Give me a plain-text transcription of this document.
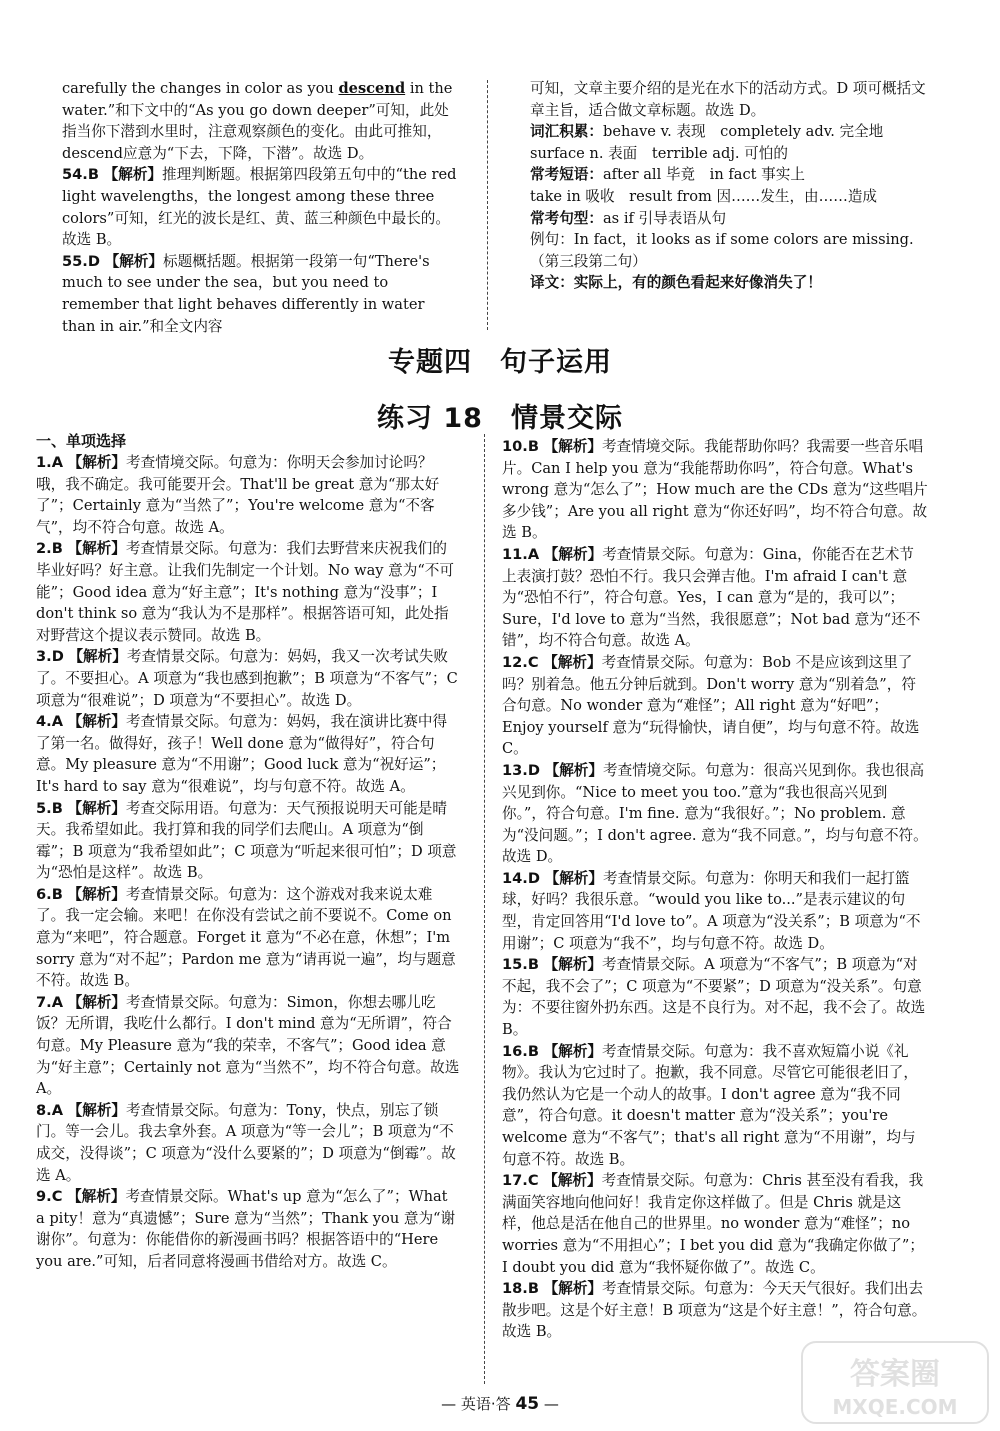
carefully the changes in color as you descend in the water.”和下文中的“As you go down deeper”可知，此处指当你下潜到水里时，注意观察颜色的变化。由此可推知，descend应意为“下去，下降，下潜”。故选 D。

54.B 【解析】推理判断题。根据第四段第五句中的“the red light wavelengths，the longest among these three colors”可知，红光的波长是红、黄、蓝三种颜色中最长的。故选 B。

55.D 【解析】标题概括题。根据第一段第一句“There's much to see under the sea，but you need to remember that light behaves differently in water than in air.”和全文内容

可知，文章主要介绍的是光在水下的活动方式。D 项可概括文章主旨，适合做文章标题。故选 D。

词汇积累：behave v. 表现　completely adv. 完全地

surface n. 表面　terrible adj. 可怕的

常考短语：after all 毕竟　in fact 事实上

take in 吸收　result from 因……发生，由……造成

常考句型：as if 引导表语从句

例句：In fact，it looks as if some colors are missing.（第三段第二句）

译文：实际上，有的颜色看起来好像消失了！

专题四　句子运用
练习 18　情景交际
一、单项选择

1.A 【解析】考查情境交际。句意为：你明天会参加讨论吗？哦，我不确定。我可能要开会。That'll be great 意为“那太好了”；Certainly 意为“当然了”；You're welcome 意为“不客气”，均不符合句意。故选 A。

2.B 【解析】考查情景交际。句意为：我们去野营来庆祝我们的毕业好吗？好主意。让我们先制定一个计划。No way 意为“不可能”；Good idea 意为“好主意”；It's nothing 意为“没事”；I don't think so 意为“我认为不是那样”。根据答语可知，此处指对野营这个提议表示赞同。故选 B。

3.D 【解析】考查情景交际。句意为：妈妈，我又一次考试失败了。不要担心。A 项意为“我也感到抱歉”；B 项意为“不客气”；C 项意为“很难说”；D 项意为“不要担心”。故选 D。

4.A 【解析】考查情景交际。句意为：妈妈，我在演讲比赛中得了第一名。做得好，孩子！Well done 意为“做得好”，符合句意。My pleasure 意为“不用谢”；Good luck 意为“祝好运”；It's hard to say 意为“很难说”，均与句意不符。故选 A。

5.B 【解析】考查交际用语。句意为：天气预报说明天可能是晴天。我希望如此。我打算和我的同学们去爬山。A 项意为“倒霉”；B 项意为“我希望如此”；C 项意为“听起来很可怕”；D 项意为“恐怕是这样”。故选 B。

6.B 【解析】考查情景交际。句意为：这个游戏对我来说太难了。我一定会输。来吧！在你没有尝试之前不要说不。Come on 意为“来吧”，符合题意。Forget it 意为“不必在意，休想”；I'm sorry 意为“对不起”；Pardon me 意为“请再说一遍”，均与题意不符。故选 B。

7.A 【解析】考查情景交际。句意为：Simon，你想去哪儿吃饭？无所谓，我吃什么都行。I don't mind 意为“无所谓”，符合句意。My Pleasure 意为“我的荣幸，不客气”；Good idea 意为“好主意”；Certainly not 意为“当然不”，均不符合句意。故选 A。

8.A 【解析】考查情景交际。句意为：Tony，快点，别忘了锁门。等一会儿。我去拿外套。A 项意为“等一会儿”；B 项意为“不成交，没得谈”；C 项意为“没什么要紧的”；D 项意为“倒霉”。故选 A。

9.C 【解析】考查情景交际。What's up 意为“怎么了”；What a pity！意为“真遗憾”；Sure 意为“当然”；Thank you 意为“谢谢你”。句意为：你能借你的新漫画书吗？根据答语中的“Here you are.”可知，后者同意将漫画书借给对方。故选 C。

10.B 【解析】考查情境交际。我能帮助你吗？我需要一些音乐唱片。Can I help you 意为“我能帮助你吗”，符合句意。What's wrong 意为“怎么了”；How much are the CDs 意为“这些唱片多少钱”；Are you all right 意为“你还好吗”，均不符合句意。故选 B。

11.A 【解析】考查情景交际。句意为：Gina，你能否在艺术节上表演打鼓？恐怕不行。我只会弹吉他。I'm afraid I can't 意为“恐怕不行”，符合句意。Yes，I can 意为“是的，我可以”；Sure，I'd love to 意为“当然，我很愿意”；Not bad 意为“还不错”，均不符合句意。故选 A。

12.C 【解析】考查情景交际。句意为：Bob 不是应该到这里了吗？别着急。他五分钟后就到。Don't worry 意为“别着急”，符合句意。No wonder 意为“难怪”；All right 意为“好吧”；Enjoy yourself 意为“玩得愉快，请自便”，均与句意不符。故选 C。

13.D 【解析】考查情境交际。句意为：很高兴见到你。我也很高兴见到你。“Nice to meet you too.”意为“我也很高兴见到你。”，符合句意。I'm fine. 意为“我很好。”；No problem. 意为“没问题。”；I don't agree. 意为“我不同意。”，均与句意不符。故选 D。

14.D 【解析】考查情景交际。句意为：你明天和我们一起打篮球，好吗？我很乐意。“would you like to...”是表示建议的句型，肯定回答用“I'd love to”。A 项意为“没关系”；B 项意为“不用谢”；C 项意为“我不”，均与句意不符。故选 D。

15.B 【解析】考查情景交际。A 项意为“不客气”；B 项意为“对不起，我不会了”；C 项意为“不要紧”；D 项意为“没关系”。句意为：不要往窗外扔东西。这是不良行为。对不起，我不会了。故选 B。

16.B 【解析】考查情景交际。句意为：我不喜欢短篇小说《礼物》。我认为它过时了。抱歉，我不同意。尽管它可能很老旧了，我仍然认为它是一个动人的故事。I don't agree 意为“我不同意”，符合句意。it doesn't matter 意为“没关系”；you're welcome 意为“不客气”；that's all right 意为“不用谢”，均与句意不符。故选 B。

17.C 【解析】考查情景交际。句意为：Chris 甚至没有看我，我满面笑容地向他问好！我肯定你这样做了。但是 Chris 就是这样，他总是活在他自己的世界里。no wonder 意为“难怪”；no worries 意为“不用担心”；I bet you did 意为“我确定你做了”；I doubt you did 意为“我怀疑你做了”。故选 C。

18.B 【解析】考查情景交际。句意为：今天天气很好。我们出去散步吧。这是个好主意！B 项意为“这是个好主意！”，符合句意。故选 B。

— 英语·答 45 —
答案圈
MXQE.COM
